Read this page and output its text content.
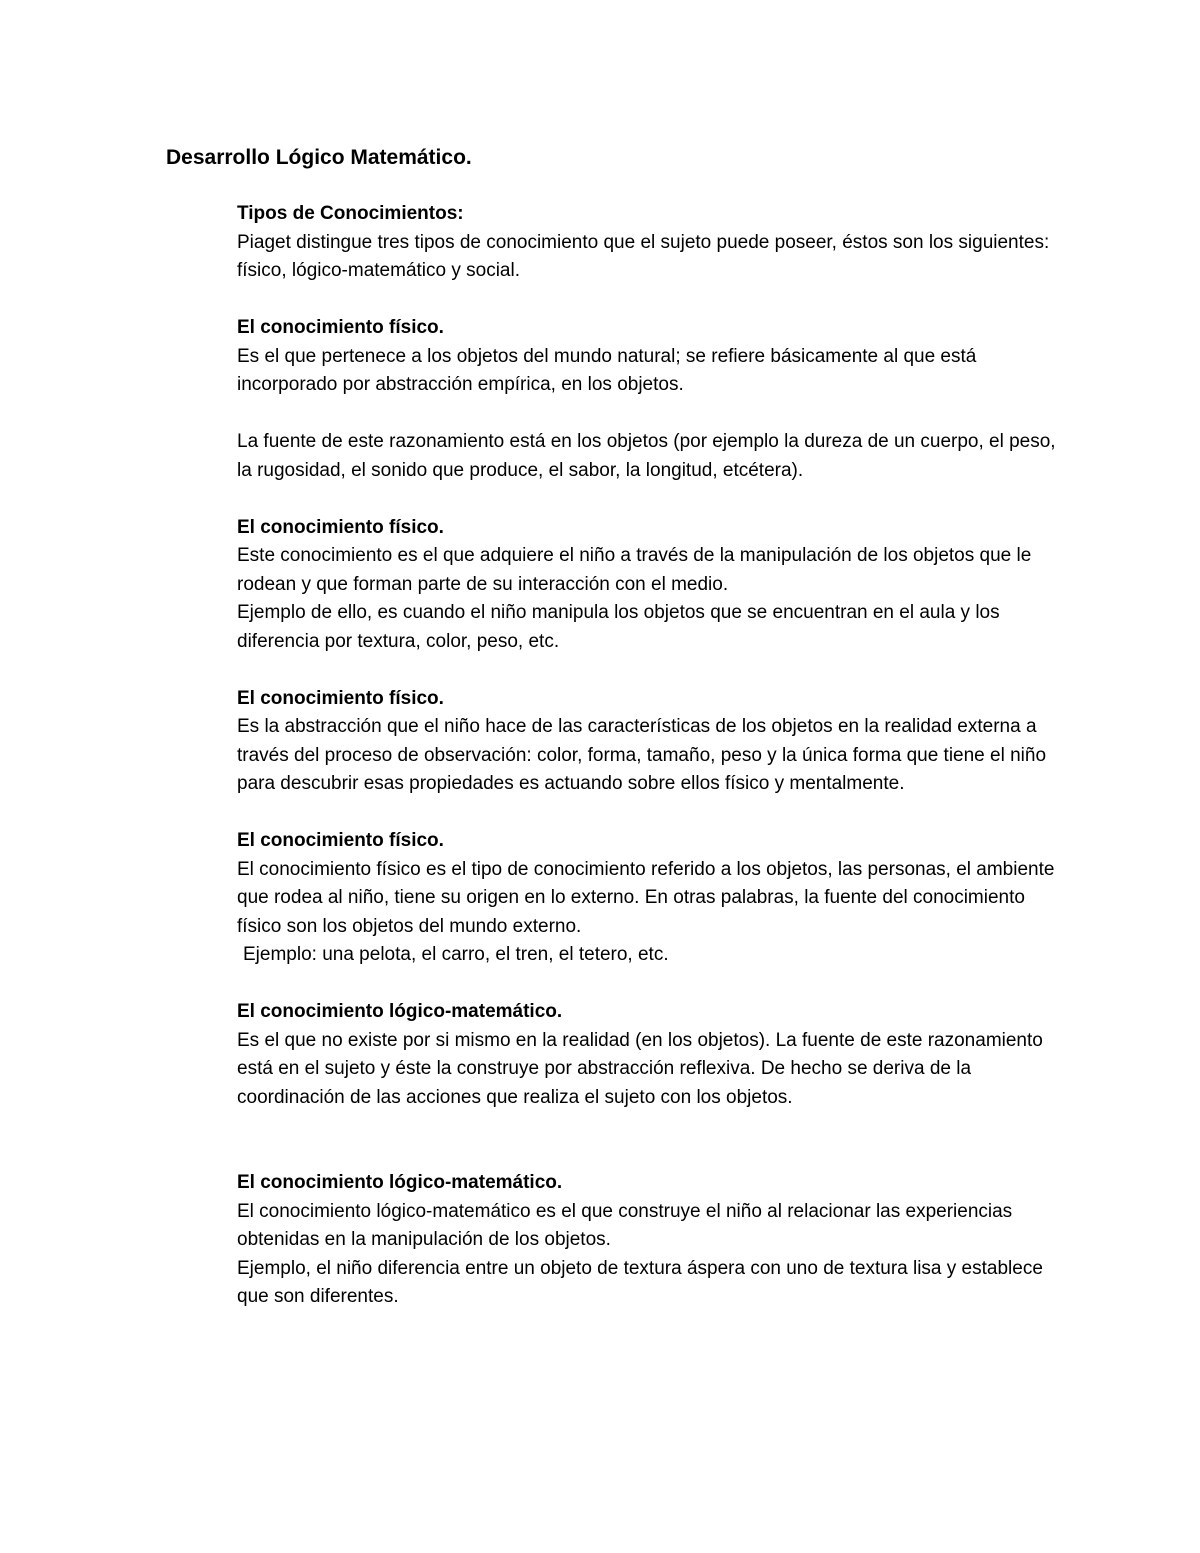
Desarrollo Lógico Matemático.

Tipos de Conocimientos:

Piaget distingue tres tipos de conocimiento que el sujeto puede poseer, éstos son los siguientes: físico, lógico-matemático y social.

El conocimiento físico.

Es el que pertenece a los objetos del mundo natural; se refiere básicamente al que está incorporado por abstracción empírica, en los objetos.

La fuente de este razonamiento está en los objetos (por ejemplo la dureza de un cuerpo, el peso, la rugosidad, el sonido que produce, el sabor, la longitud, etcétera).

El conocimiento físico.

Este conocimiento es el que adquiere el niño a través de la manipulación de los objetos que le rodean y que forman parte de su interacción con el medio.

Ejemplo de ello, es cuando el niño manipula los objetos que se encuentran en el aula y los diferencia por textura, color, peso, etc.

El conocimiento físico.

Es la abstracción que el niño hace de las características de los objetos en la realidad externa a través del proceso de observación: color, forma, tamaño, peso y la única forma que tiene el niño para descubrir esas propiedades es actuando sobre ellos físico y mentalmente.

El conocimiento físico.

El conocimiento físico es el tipo de conocimiento referido a los objetos, las personas, el ambiente que rodea al niño, tiene su origen en lo externo. En otras palabras, la fuente del conocimiento físico son los objetos del mundo externo.

Ejemplo: una pelota, el carro, el tren, el tetero, etc.

El conocimiento lógico-matemático.

Es el que no existe por si mismo en la realidad (en los objetos). La fuente de este razonamiento está en el sujeto y éste la construye por abstracción reflexiva. De hecho se deriva de la coordinación de las acciones que realiza el sujeto con los objetos.

El conocimiento lógico-matemático.

El conocimiento lógico-matemático es el que construye el niño al relacionar las experiencias obtenidas en la manipulación de los objetos.

Ejemplo, el niño diferencia entre un objeto de textura áspera con uno de textura lisa y establece que son diferentes.
